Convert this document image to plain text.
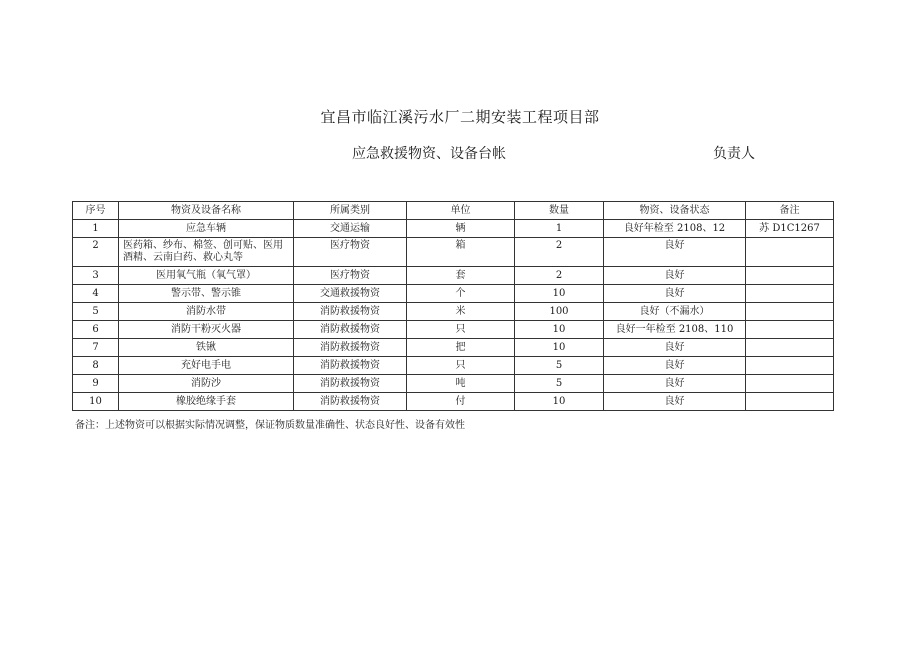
宜昌市临江溪污水厂二期安装工程项目部
应急救援物资、设备台帐	负责人
序号	物资及设备名称	所属类别	单位	数量	物资、设备状态	备注
1	应急车辆	交通运输	辆	1	良好年检至 2108、12	苏 D1C1267
2	医药箱、纱布、棉签、创可贴、医用酒精、云南白药、救心丸等	医疗物资	箱	2	良好	
3	医用氧气瓶（氧气罩）	医疗物资	套	2	良好	
4	警示带、警示锥	交通救援物资	个	10	良好	
5	消防水带	消防救援物资	米	100	良好（不漏水）	
6	消防干粉灭火器	消防救援物资	只	10	良好一年检至 2108、110	
7	铁锹	消防救援物资	把	10	良好	
8	充好电手电	消防救援物资	只	5	良好	
9	消防沙	消防救援物资	吨	5	良好	
10	橡胶绝缘手套	消防救援物资	付	10	良好	
备注：上述物资可以根据实际情况调整，保证物质数量准确性、状态良好性、设备有效性
